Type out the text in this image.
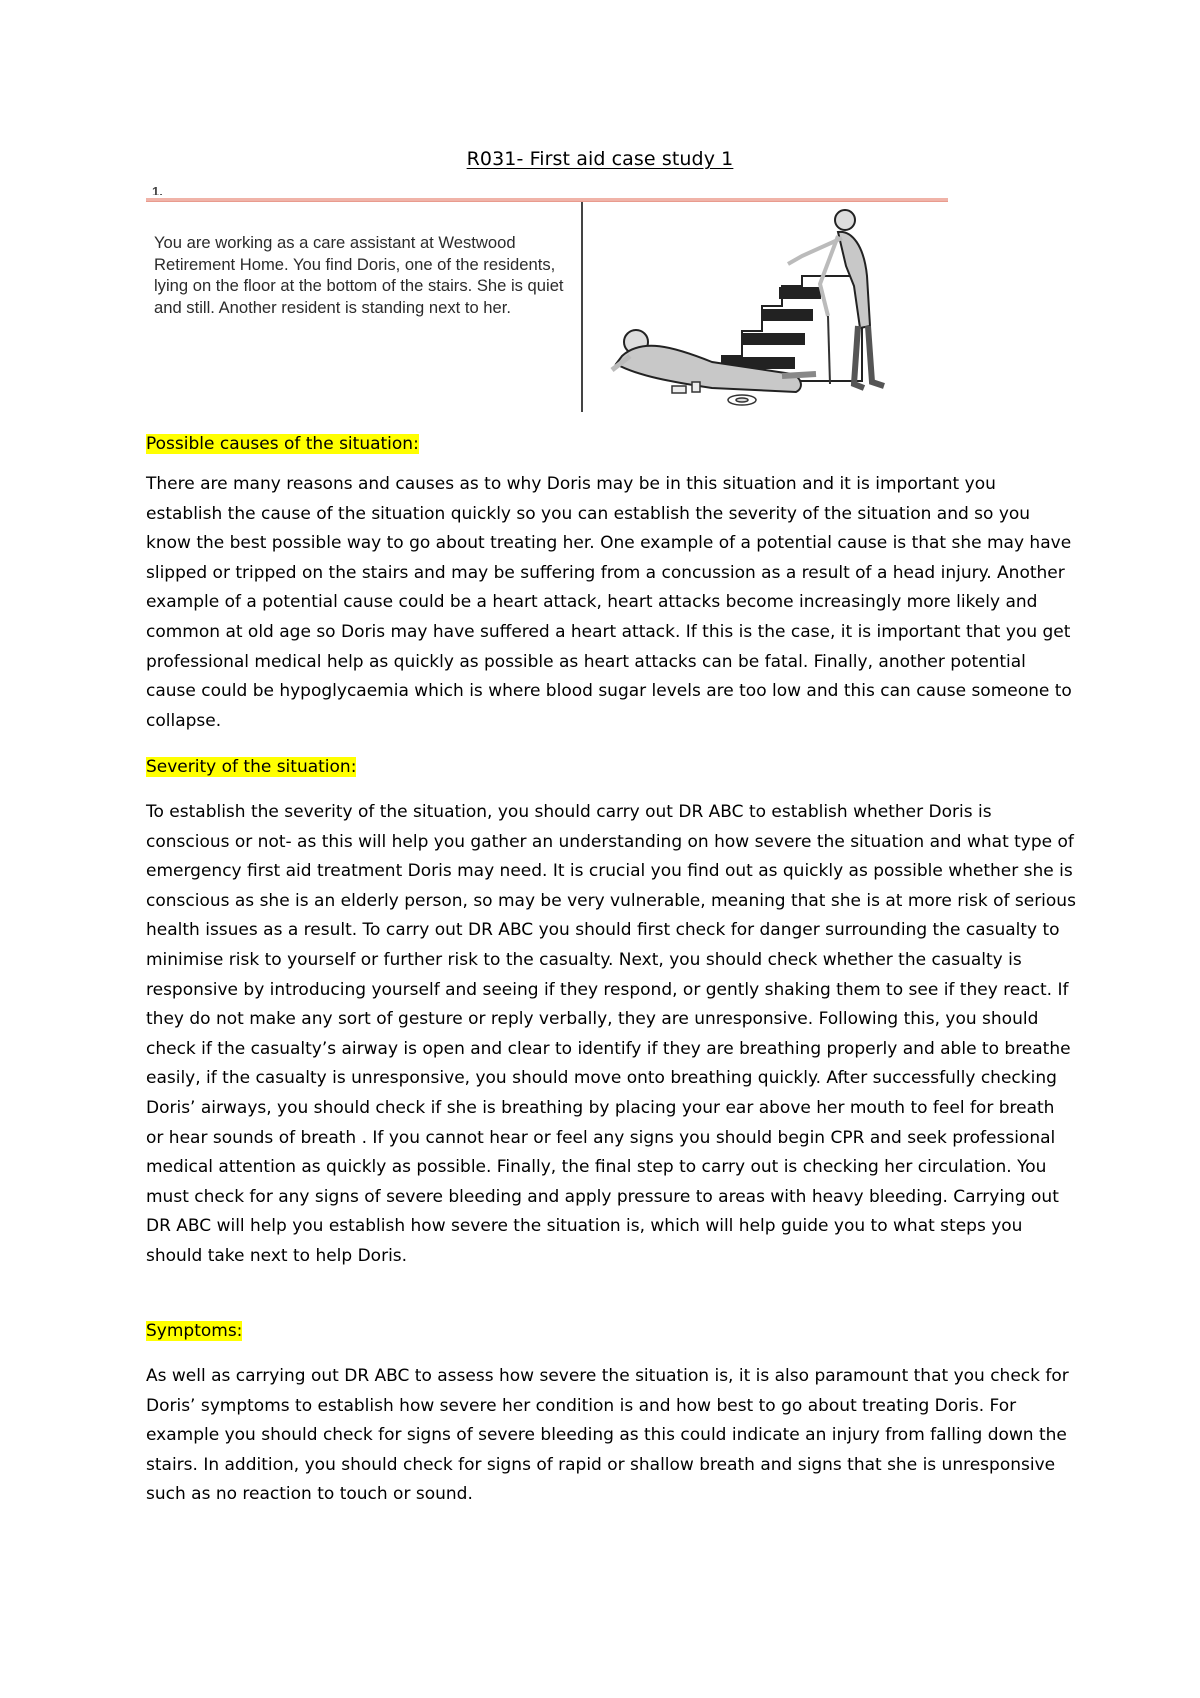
R031- First aid case study 1
1.
You are working as a care assistant at Westwood Retirement Home. You find Doris, one of the residents, lying on the floor at the bottom of the stairs. She is quiet and still. Another resident is standing next to her.
Possible causes of the situation:

There are many reasons and causes as to why Doris may be in this situation and it is important you establish the cause of the situation quickly so you can establish the severity of the situation and so you know the best possible way to go about treating her. One example of a potential cause is that she may have slipped or tripped on the stairs and may be suffering from a concussion as a result of a head injury. Another example of a potential cause could be a heart attack, heart attacks become increasingly more likely and common at old age so Doris may have suffered a heart attack. If this is the case, it is important that you get professional medical help as quickly as possible as heart attacks can be fatal. Finally, another potential cause could be hypoglycaemia which is where blood sugar levels are too low and this can cause someone to collapse.

Severity of the situation:

To establish the severity of the situation, you should carry out DR ABC to establish whether Doris is conscious or not- as this will help you gather an understanding on how severe the situation and what type of emergency first aid treatment Doris may need. It is crucial you find out as quickly as possible whether she is conscious as she is an elderly person, so may be very vulnerable, meaning that she is at more risk of serious health issues as a result. To carry out DR ABC you should first check for danger surrounding the casualty to minimise risk to yourself or further risk to the casualty. Next, you should check whether the casualty is responsive by introducing yourself and seeing if they respond, or gently shaking them to see if they react. If they do not make any sort of gesture or reply verbally, they are unresponsive. Following this, you should check if the casualty’s airway is open and clear to identify if they are breathing properly and able to breathe easily, if the casualty is unresponsive, you should move onto breathing quickly. After successfully checking Doris’ airways, you should check if she is breathing by placing your ear above her mouth to feel for breath or hear sounds of breath . If you cannot hear or feel any signs you should begin CPR and seek professional medical attention as quickly as possible. Finally, the final step to carry out is checking her circulation. You must check for any signs of severe bleeding and apply pressure to areas with heavy bleeding. Carrying out DR ABC will help you establish how severe the situation is, which will help guide you to what steps you should take next to help Doris.

Symptoms:

As well as carrying out DR ABC to assess how severe the situation is, it is also paramount that you check for Doris’ symptoms to establish how severe her condition is and how best to go about treating Doris. For example you should check for signs of severe bleeding as this could indicate an injury from falling down the stairs. In addition, you should check for signs of rapid or shallow breath and signs that she is unresponsive such as no reaction to touch or sound.
